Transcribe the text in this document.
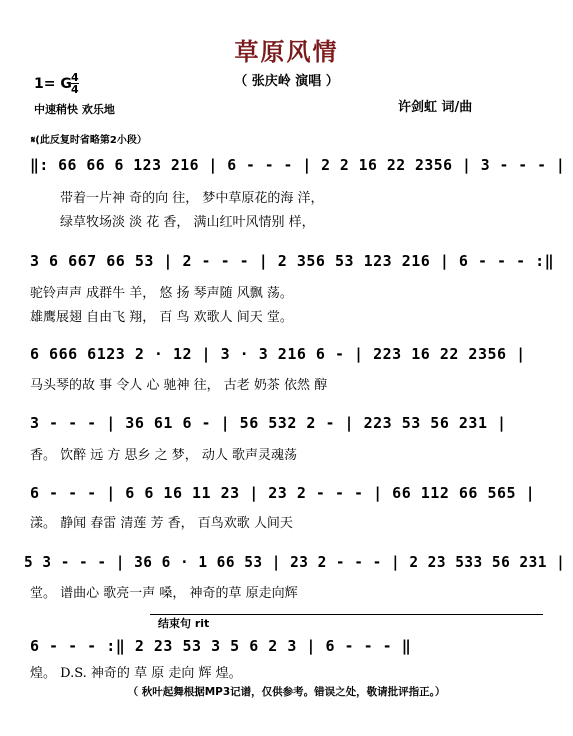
草原风情
（ 张庆岭 演唱 ）
1= G 4
4
中速稍快 欢乐地	许剑虹 词/曲
𝄋(此反复时省略第2小段）
‖: 66 66 6 123 216 | 6 - - - | 2 2 16 22 2356 | 3 - - - |
带着一片神 奇的向 往， 梦中草原花的海 洋，
绿草牧场淡 淡 花 香， 满山红叶风情别 样，
3 6 667 66 53 | 2 - - - | 2 356 53 123 216 | 6 - - - :‖
驼铃声声 成群牛 羊， 悠 扬 琴声随 风飘 荡。
雄鹰展翅 自由飞 翔， 百 鸟 欢歌人 间天 堂。
6 666 6123 2 · 12 | 3 · 3 216 6 - | 223 16 22 2356 |
马头琴的故 事 令人 心 驰神 往， 古老 奶茶 依然 醇
3 - - - | 36 61 6 - | 56 532 2 - | 223 53 56 231 |
香。 饮醉 远 方 思乡 之 梦， 动人 歌声灵魂荡
6 - - - | 6 6 16 11 23 | 23 2 - - - | 66 112 66 565 |
漾。 静闻 春雷 清莲 芳 香， 百鸟欢歌 人间天
5 3 - - - | 36 6 · 1 66 53 | 23 2 - - - | 2 23 533 56 231 |
堂。 谱曲心 歌亮一声 嗓， 神奇的草 原走向辉
结束句 rit
6 - - - :‖ 2 23 53 3 5 6 2 3 | 6 - - - ‖
煌。 D.S. 神奇的 草 原 走向 辉 煌。
（ 秋叶起舞根据MP3记谱，仅供参考。错误之处，敬请批评指正。）
